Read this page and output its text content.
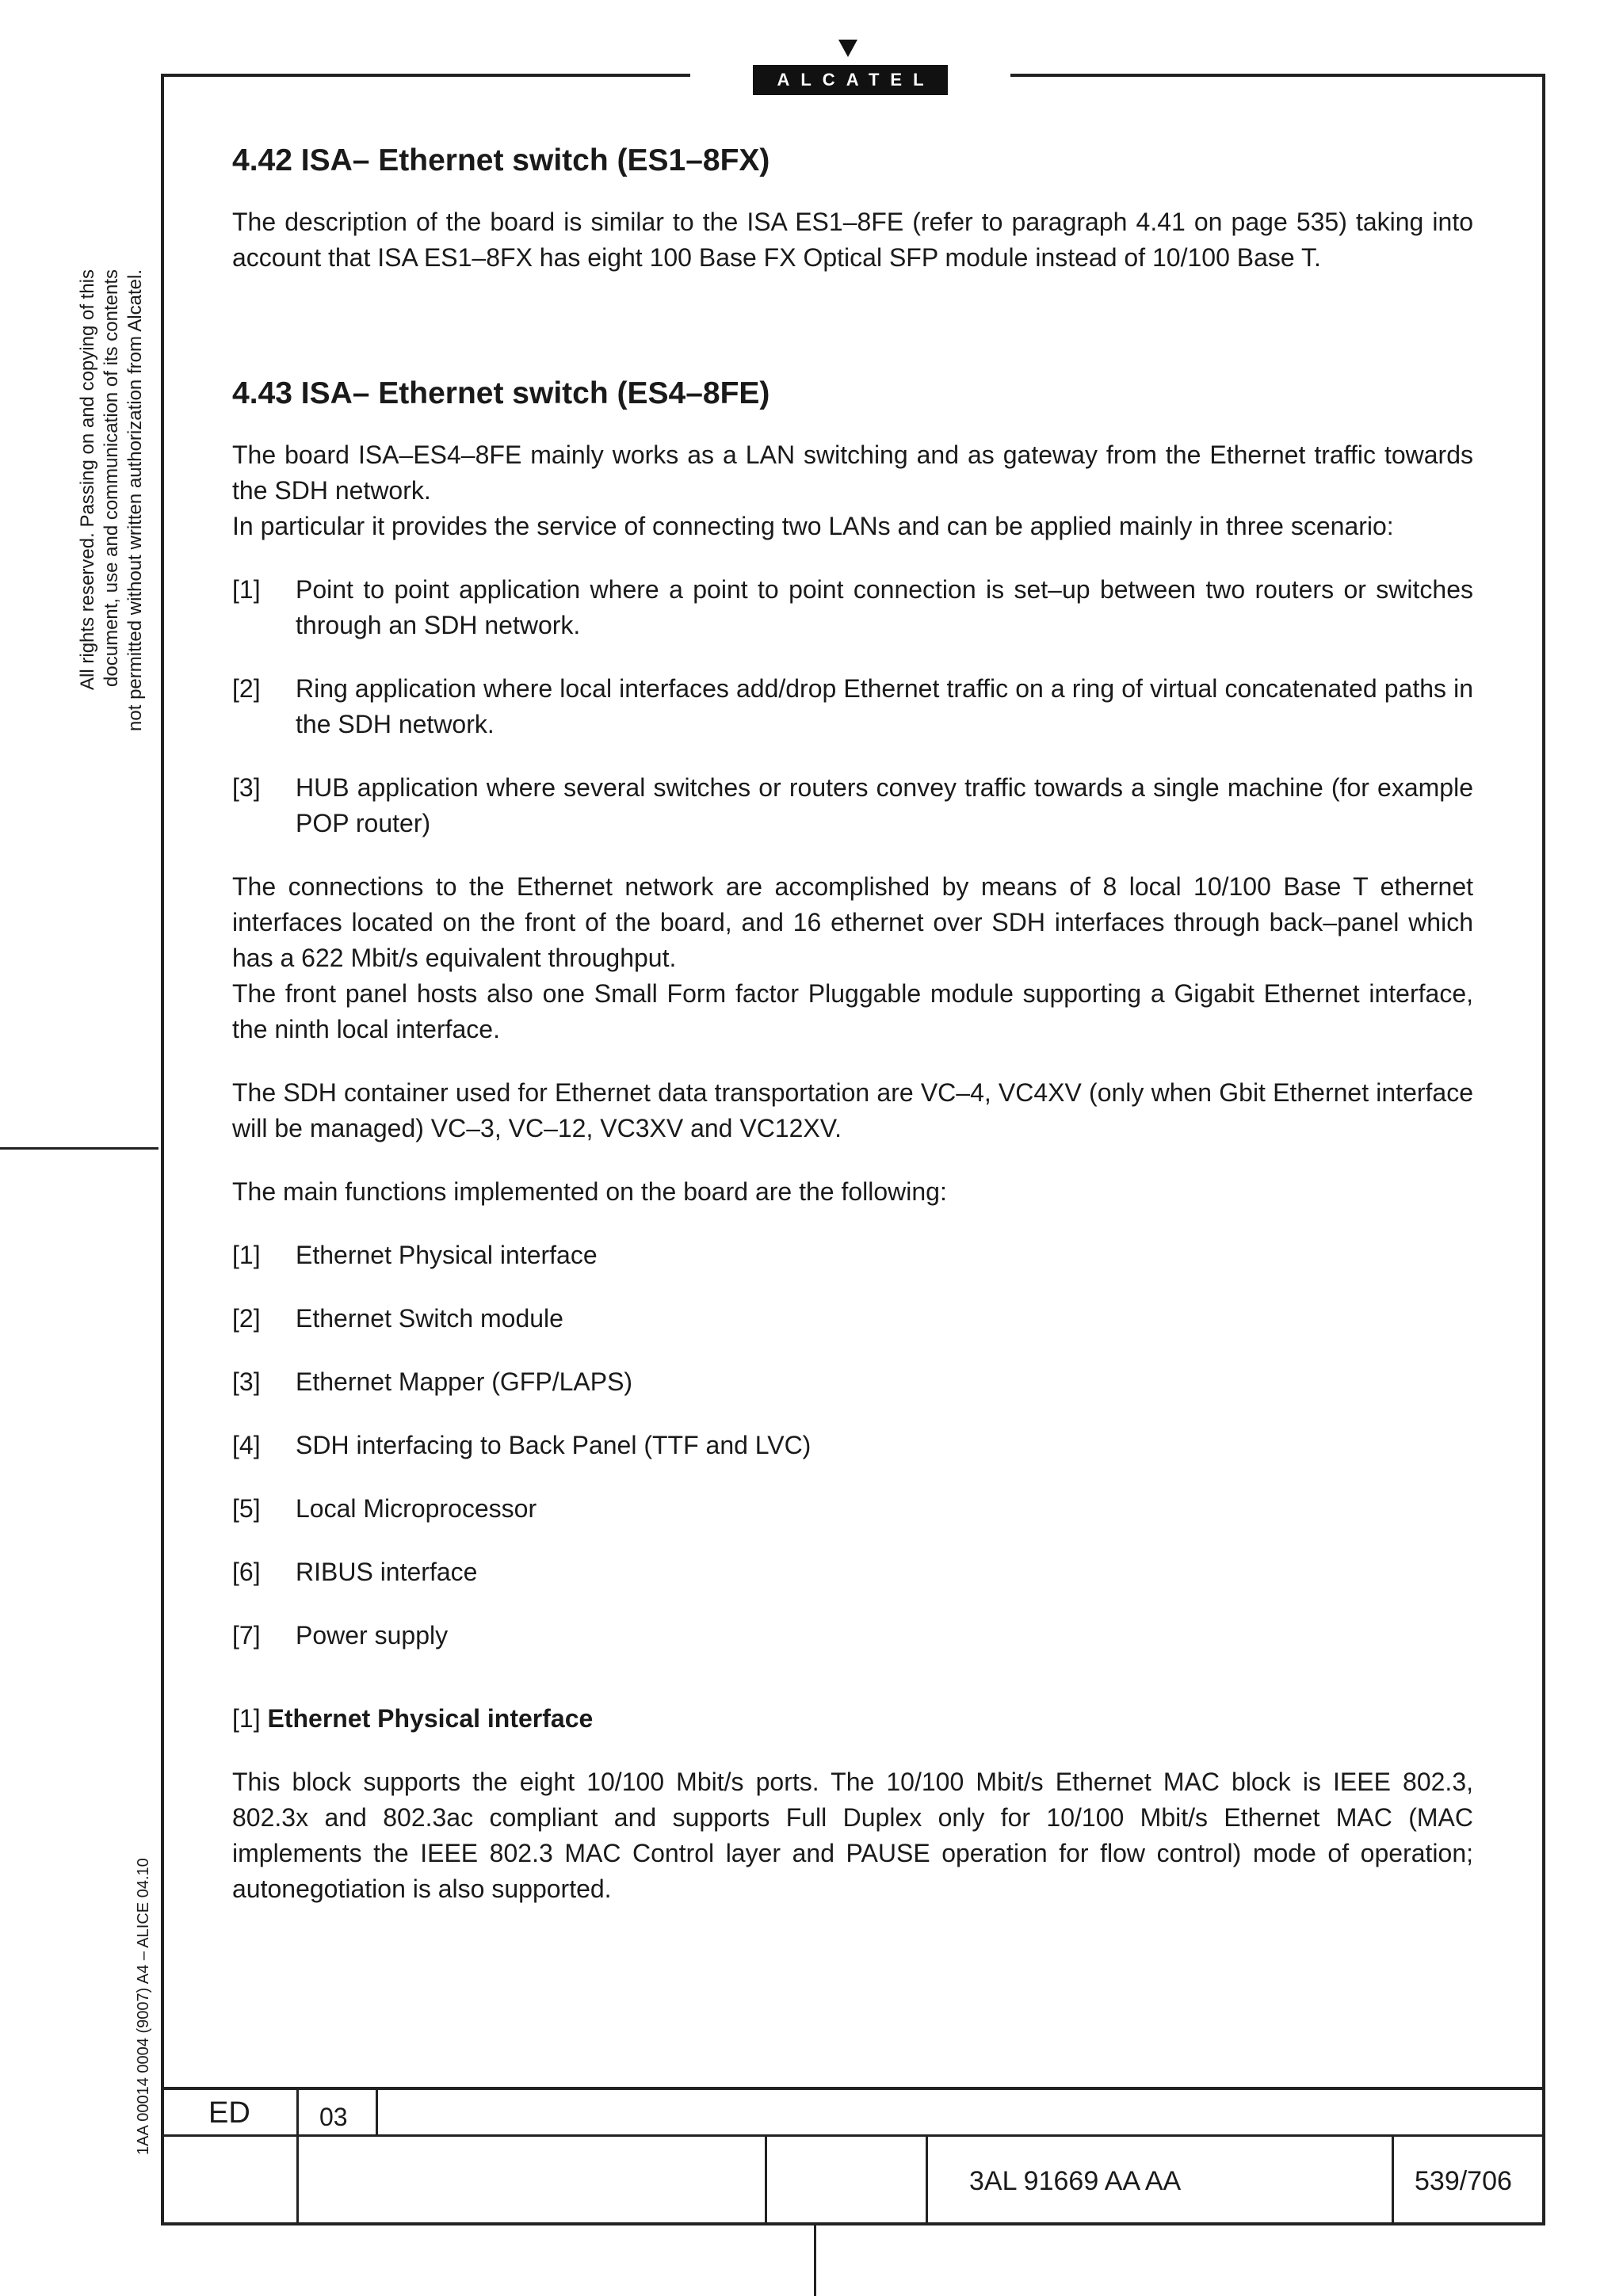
ALCATEL
All rights reserved. Passing on and copying of this document, use and communication of its contents not permitted without written authorization from Alcatel.
1AA 00014 0004 (9007) A4 – ALICE 04.10
4.42 ISA– Ethernet switch (ES1–8FX)

The description of the board is similar to the ISA ES1–8FE (refer to paragraph 4.41 on page 535) taking into account that ISA ES1–8FX has eight 100 Base FX Optical SFP module instead of 10/100 Base T.

4.43 ISA– Ethernet switch (ES4–8FE)

The board ISA–ES4–8FE mainly works as a LAN switching and as gateway from the Ethernet traffic towards the SDH network.

In particular it provides the service of connecting two LANs and can be applied mainly in three scenario:

[1]	Point to point application where a point to point connection is set–up between two routers or switches through an SDH network.
[2]	Ring application where local interfaces add/drop Ethernet traffic on a ring of virtual concatenated paths in the SDH network.
[3]	HUB application where several switches or routers convey traffic towards a single machine (for example POP router)

The connections to the Ethernet network are accomplished by means of 8 local 10/100 Base T ethernet interfaces located on the front of the board, and 16 ethernet over SDH interfaces through back–panel which has a 622 Mbit/s equivalent throughput.

The front panel hosts also one Small Form factor Pluggable module supporting a Gigabit Ethernet interface, the ninth local interface.

The SDH container used for Ethernet data transportation are VC–4, VC4XV (only when Gbit Ethernet interface will be managed) VC–3, VC–12, VC3XV and VC12XV.

The main functions implemented on the board are the following:

[1]	Ethernet Physical interface
[2]	Ethernet Switch module
[3]	Ethernet Mapper (GFP/LAPS)
[4]	SDH interfacing to Back Panel (TTF and LVC)
[5]	Local Microprocessor
[6]	RIBUS interface
[7]	Power supply

[1] Ethernet Physical interface

This block supports the eight 10/100 Mbit/s ports. The 10/100 Mbit/s Ethernet MAC block is IEEE 802.3, 802.3x and 802.3ac compliant and supports Full Duplex only for 10/100 Mbit/s Ethernet MAC (MAC implements the IEEE 802.3 MAC Control layer and PAUSE operation for flow control) mode of operation; autonegotiation is also supported.

ED	03
3AL 91669 AA AA	539/706
